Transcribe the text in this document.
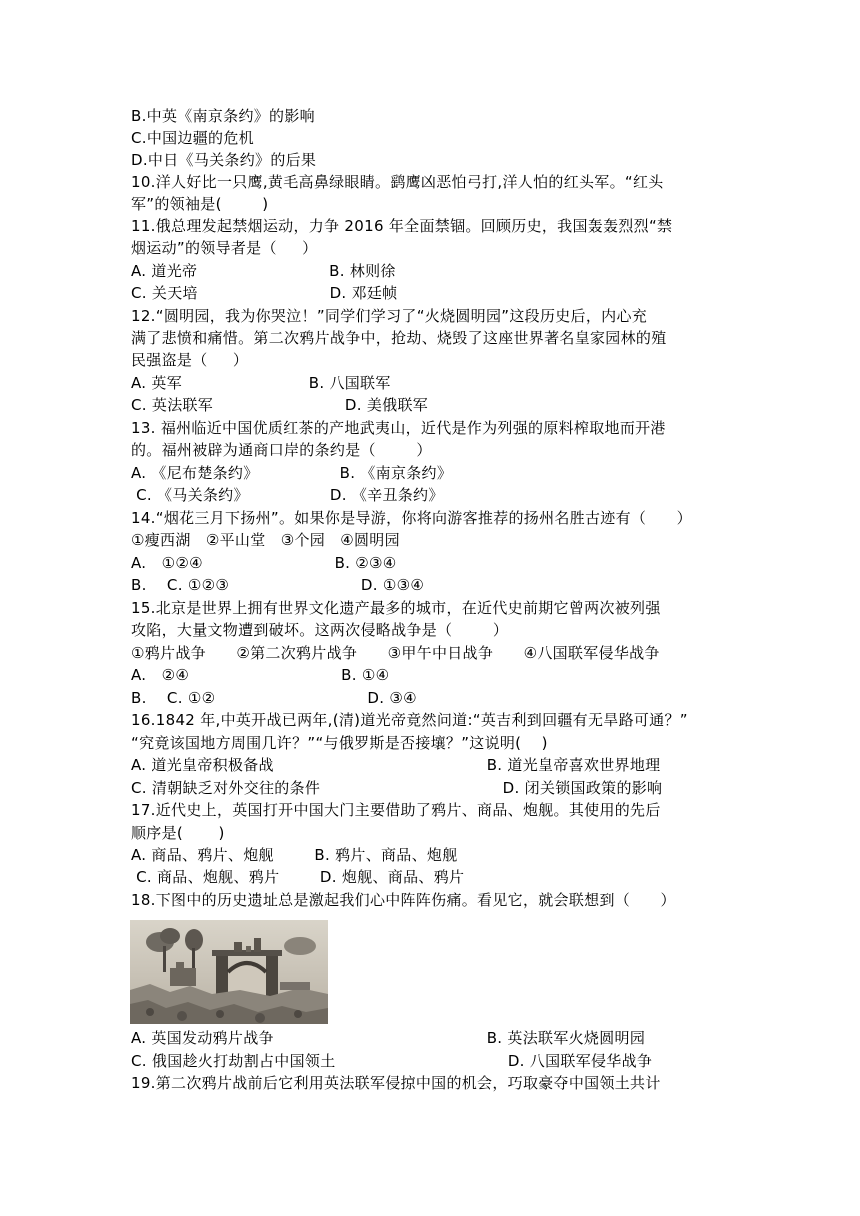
B.中英《南京条约》的影响
C.中国边疆的危机
D.中日《马关条约》的后果
10.洋人好比一只鹰,黄毛高鼻绿眼睛。鹞鹰凶恶怕弓打,洋人怕的红头军。“红头
军”的领袖是(        )
11.俄总理发起禁烟运动，力争 2016 年全面禁锢。回顾历史，我国轰轰烈烈“禁
烟运动”的领导者是（     ）
A. 道光帝                          B. 林则徐
C. 关天培                          D. 邓廷帧
12.“圆明园，我为你哭泣！”同学们学习了“火烧圆明园”这段历史后，内心充
满了悲愤和痛惜。第二次鸦片战争中，抢劫、烧毁了这座世界著名皇家园林的殖
民强盗是（     ）
A. 英军                         B. 八国联军
C. 英法联军                          D. 美俄联军
13. 福州临近中国优质红茶的产地武夷山，近代是作为列强的原料榨取地而开港
的。福州被辟为通商口岸的条约是（        ）
A. 《尼布楚条约》                B. 《南京条约》
C. 《马关条约》                D. 《辛丑条约》
14.“烟花三月下扬州”。如果你是导游，你将向游客推荐的扬州名胜古迹有（      ）
①瘦西湖   ②平山堂   ③个园   ④圆明园
A.   ①②④                          B. ②③④
B.    C. ①②③                          D. ①③④
15.北京是世界上拥有世界文化遗产最多的城市，在近代史前期它曾两次被列强
攻陷，大量文物遭到破坏。这两次侵略战争是（        ）
①鸦片战争      ②第二次鸦片战争      ③甲午中日战争      ④八国联军侵华战争
A.   ②④                              B. ①④
B.    C. ①②                              D. ③④
16.1842 年,中英开战已两年,(清)道光帝竟然问道:“英吉利到回疆有无旱路可通？”
“究竟该国地方周围几许？”“与俄罗斯是否接壤？”这说明(    )
A. 道光皇帝积极备战                                          B. 道光皇帝喜欢世界地理
C. 清朝缺乏对外交往的条件                                    D. 闭关锁国政策的影响
17.近代史上，英国打开中国大门主要借助了鸦片、商品、炮舰。其使用的先后
顺序是(       )
A. 商品、鸦片、炮舰        B. 鸦片、商品、炮舰
C. 商品、炮舰、鸦片        D. 炮舰、商品、鸦片
18.下图中的历史遗址总是激起我们心中阵阵伤痛。看见它，就会联想到（      ）
A. 英国发动鸦片战争                                          B. 英法联军火烧圆明园
C. 俄国趁火打劫割占中国领土                                  D. 八国联军侵华战争
19.第二次鸦片战前后它利用英法联军侵掠中国的机会，巧取豪夺中国领土共计
